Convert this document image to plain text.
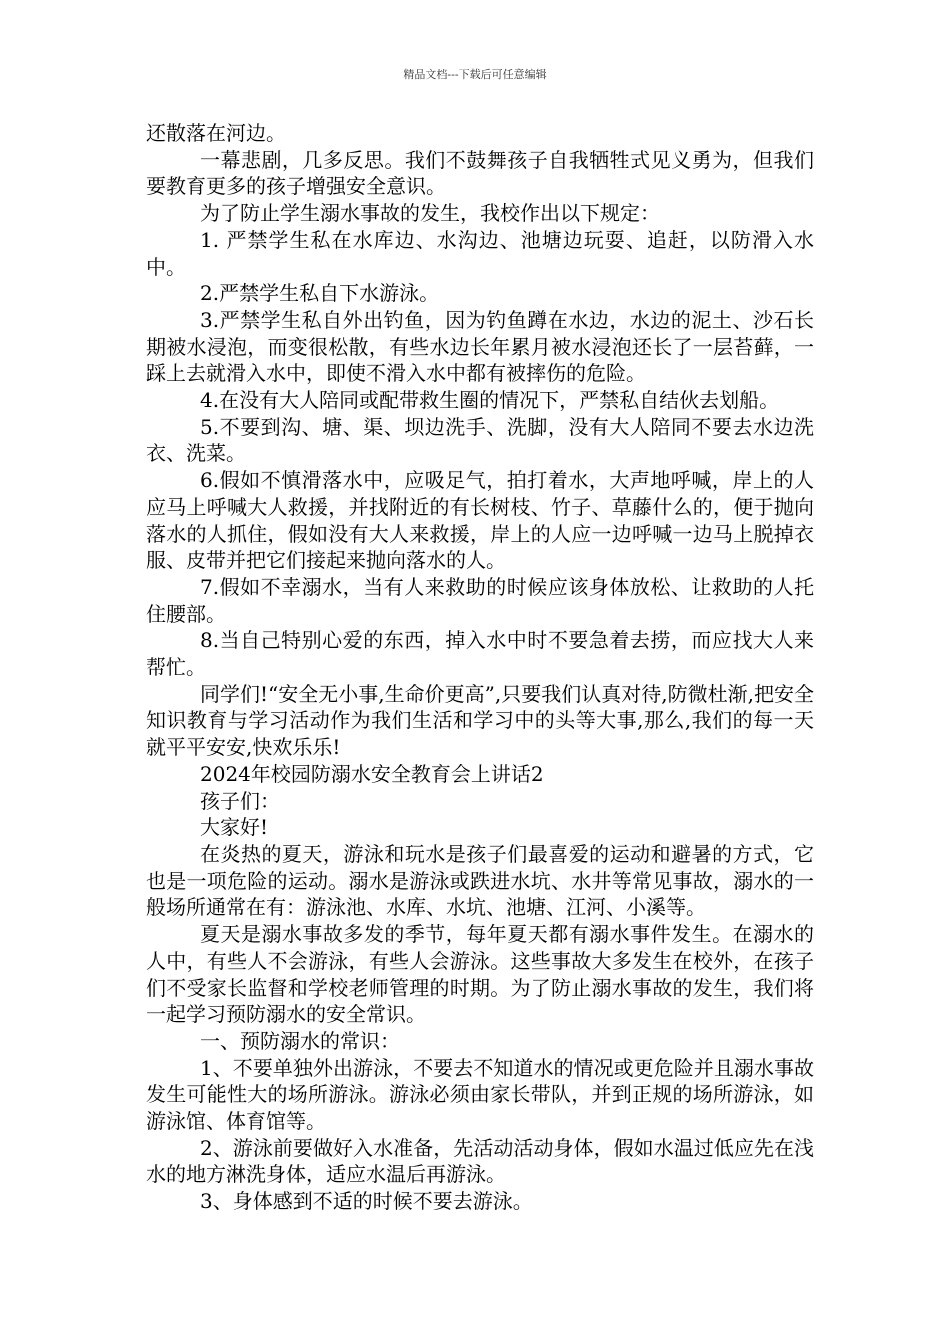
精品文档---下载后可任意编辑

还散落在河边。

一幕悲剧，几多反思。我们不鼓舞孩子自我牺牲式见义勇为，但我们要教育更多的孩子增强安全意识。

为了防止学生溺水事故的发生，我校作出以下规定：

1. 严禁学生私在水库边、水沟边、池塘边玩耍、追赶，以防滑入水中。

2.严禁学生私自下水游泳。

3.严禁学生私自外出钓鱼，因为钓鱼蹲在水边，水边的泥土、沙石长期被水浸泡，而变很松散，有些水边长年累月被水浸泡还长了一层苔藓，一踩上去就滑入水中，即使不滑入水中都有被摔伤的危险。

4.在没有大人陪同或配带救生圈的情况下，严禁私自结伙去划船。

5.不要到沟、塘、渠、坝边洗手、洗脚，没有大人陪同不要去水边洗衣、洗菜。

6.假如不慎滑落水中，应吸足气，拍打着水，大声地呼喊，岸上的人应马上呼喊大人救援，并找附近的有长树枝、竹子、草藤什么的，便于抛向落水的人抓住，假如没有大人来救援，岸上的人应一边呼喊一边马上脱掉衣服、皮带并把它们接起来抛向落水的人。

7.假如不幸溺水，当有人来救助的时候应该身体放松、让救助的人托住腰部。

8.当自己特别心爱的东西，掉入水中时不要急着去捞，而应找大人来帮忙。

同学们!“安全无小事,生命价更高”,只要我们认真对待,防微杜渐,把安全知识教育与学习活动作为我们生活和学习中的头等大事,那么,我们的每一天就平平安安,快欢乐乐!

2024年校园防溺水安全教育会上讲话2

孩子们：

大家好!

在炎热的夏天，游泳和玩水是孩子们最喜爱的运动和避暑的方式，它也是一项危险的运动。溺水是游泳或跌进水坑、水井等常见事故，溺水的一般场所通常在有：游泳池、水库、水坑、池塘、江河、小溪等。

夏天是溺水事故多发的季节，每年夏天都有溺水事件发生。在溺水的人中，有些人不会游泳，有些人会游泳。这些事故大多发生在校外，在孩子们不受家长监督和学校老师管理的时期。为了防止溺水事故的发生，我们将一起学习预防溺水的安全常识。

一、预防溺水的常识：

1、不要单独外出游泳，不要去不知道水的情况或更危险并且溺水事故发生可能性大的场所游泳。游泳必须由家长带队，并到正规的场所游泳，如游泳馆、体育馆等。

2、游泳前要做好入水准备，先活动活动身体，假如水温过低应先在浅水的地方淋洗身体，适应水温后再游泳。

3、身体感到不适的时候不要去游泳。
